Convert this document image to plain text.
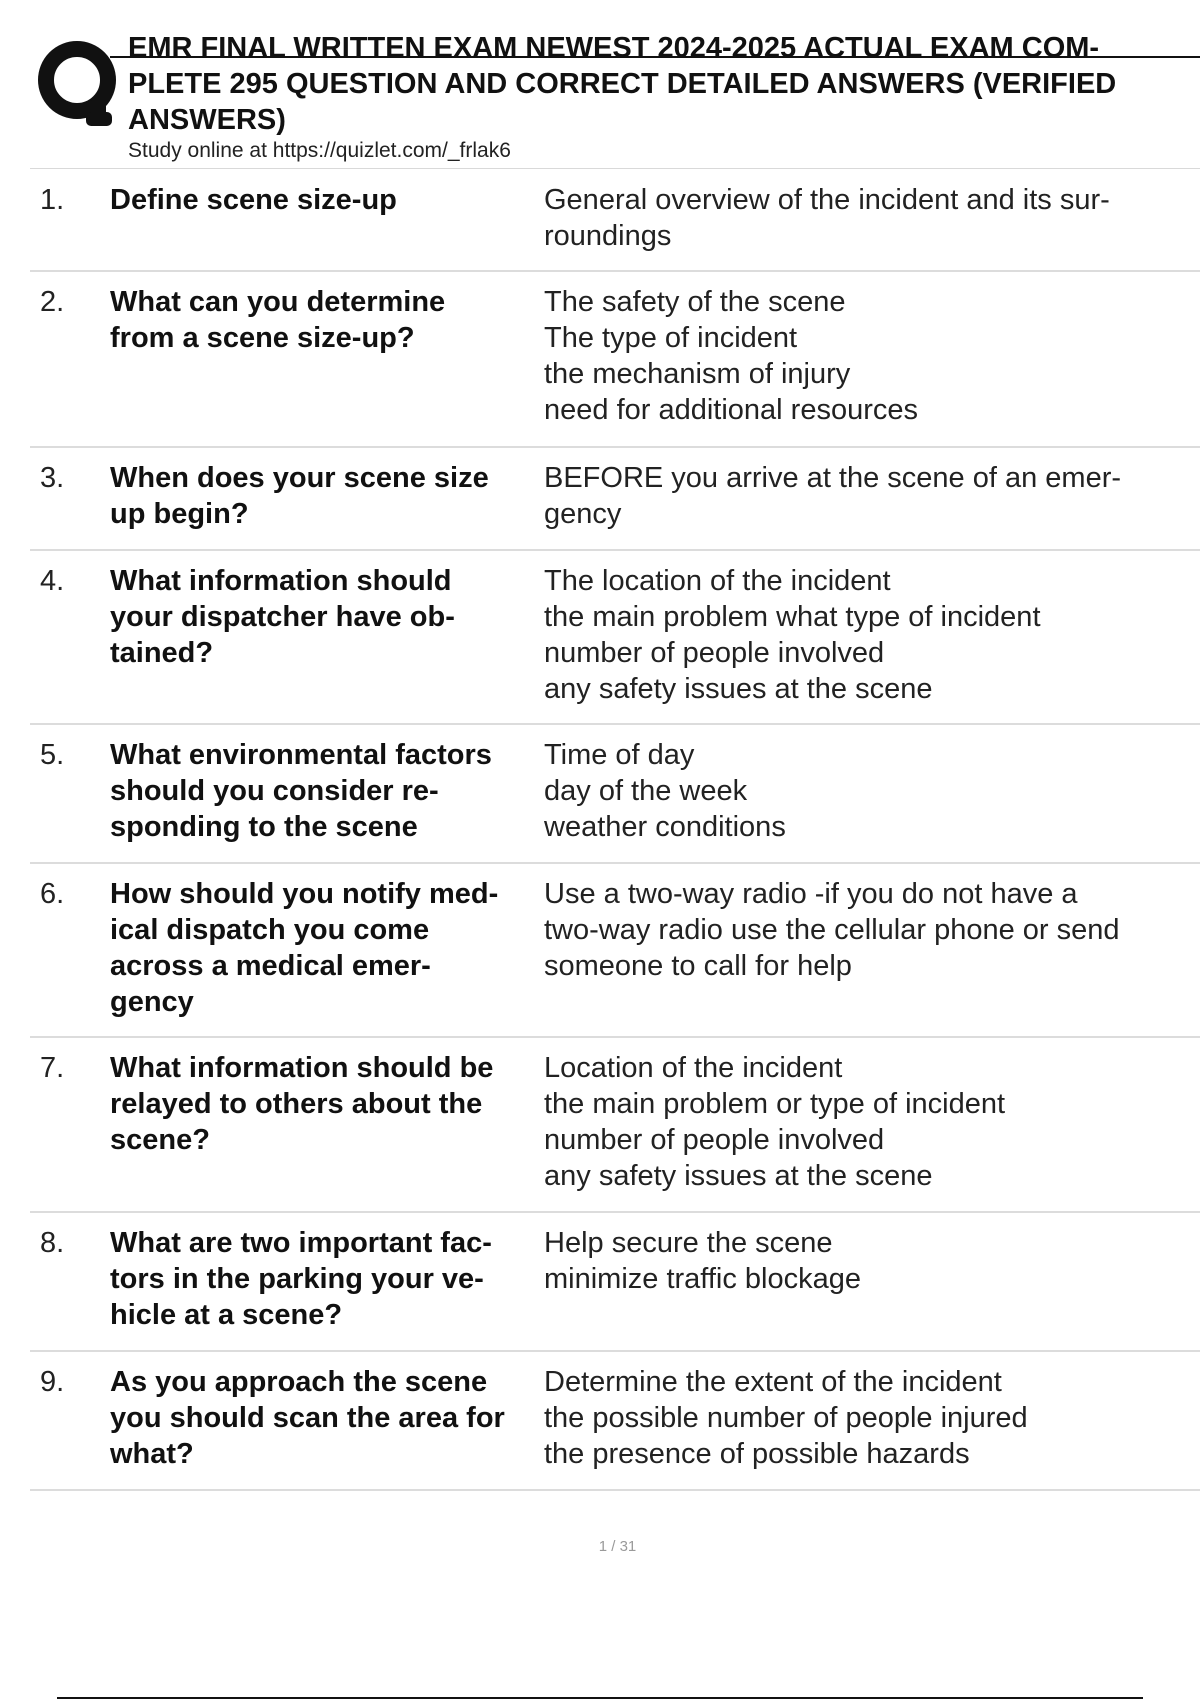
EMR FINAL WRITTEN EXAM NEWEST 2024-2025 ACTUAL EXAM COM-
PLETE 295 QUESTION AND CORRECT DETAILED ANSWERS (VERIFIED
ANSWERS)
Study online at https://quizlet.com/_frlak6
1. Define scene size-up	General overview of the incident and its sur-
roundings
2. What can you determine
from a scene size-up?
The safety of the scene
The type of incident
the mechanism of injury
need for additional resources
3. When does your scene size
up begin?
BEFORE you arrive at the scene of an emer-
gency
4. What information should
your dispatcher have ob-
tained?
The location of the incident
the main problem what type of incident
number of people involved
any safety issues at the scene
5. What environmental factors
should you consider re-
sponding to the scene
Time of day
day of the week
weather conditions
6. How should you notify med-
ical dispatch you come
across a medical emer-
gency
Use a two-way radio -if you do not have a
two-way radio use the cellular phone or send
someone to call for help
7. What information should be
relayed to others about the
scene?
Location of the incident
the main problem or type of incident
number of people involved
any safety issues at the scene
8. What are two important fac-
tors in the parking your ve-
hicle at a scene?
Help secure the scene
minimize traffic blockage
9. As you approach the scene
you should scan the area for
what?
Determine the extent of the incident
the possible number of people injured
the presence of possible hazards
1 / 31
